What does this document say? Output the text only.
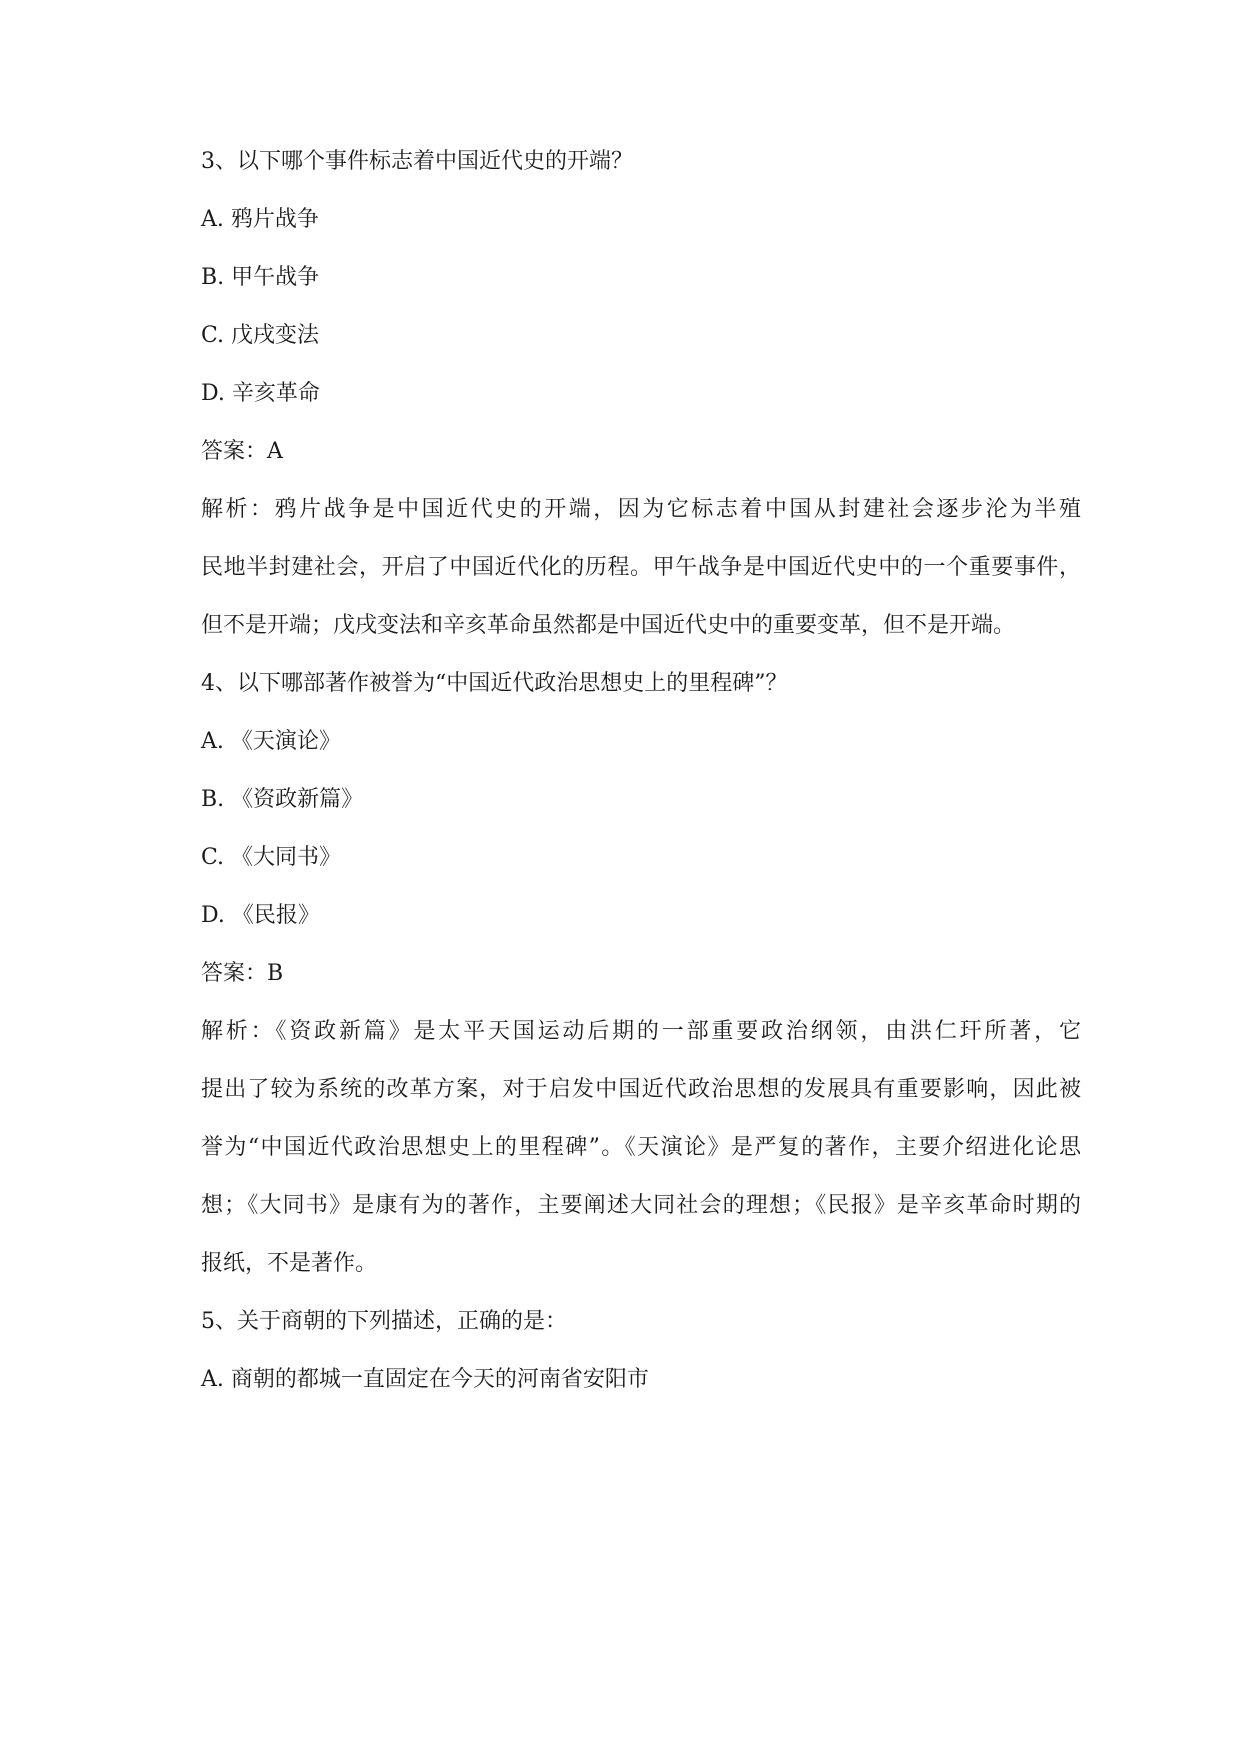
3、以下哪个事件标志着中国近代史的开端？
A. 鸦片战争
B. 甲午战争
C. 戊戌变法
D. 辛亥革命
答案：A
解析：鸦片战争是中国近代史的开端，因为它标志着中国从封建社会逐步沦为半殖
民地半封建社会，开启了中国近代化的历程。甲午战争是中国近代史中的一个重要事件，
但不是开端；戊戌变法和辛亥革命虽然都是中国近代史中的重要变革，但不是开端。
4、以下哪部著作被誉为“中国近代政治思想史上的里程碑”？
A. 《天演论》
B. 《资政新篇》
C. 《大同书》
D. 《民报》
答案：B
解析：《资政新篇》是太平天国运动后期的一部重要政治纲领，由洪仁玕所著，它
提出了较为系统的改革方案，对于启发中国近代政治思想的发展具有重要影响，因此被
誉为“中国近代政治思想史上的里程碑”。《天演论》是严复的著作，主要介绍进化论思
想；《大同书》是康有为的著作，主要阐述大同社会的理想；《民报》是辛亥革命时期的
报纸，不是著作。
5、关于商朝的下列描述，正确的是：
A. 商朝的都城一直固定在今天的河南省安阳市
